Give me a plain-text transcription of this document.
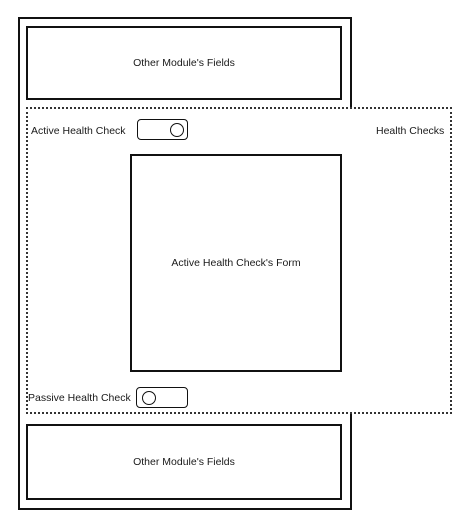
Other Module's Fields
Active Health Check	Health Checks
Active Health Check's Form
Passive Health Check
Other Module's Fields
